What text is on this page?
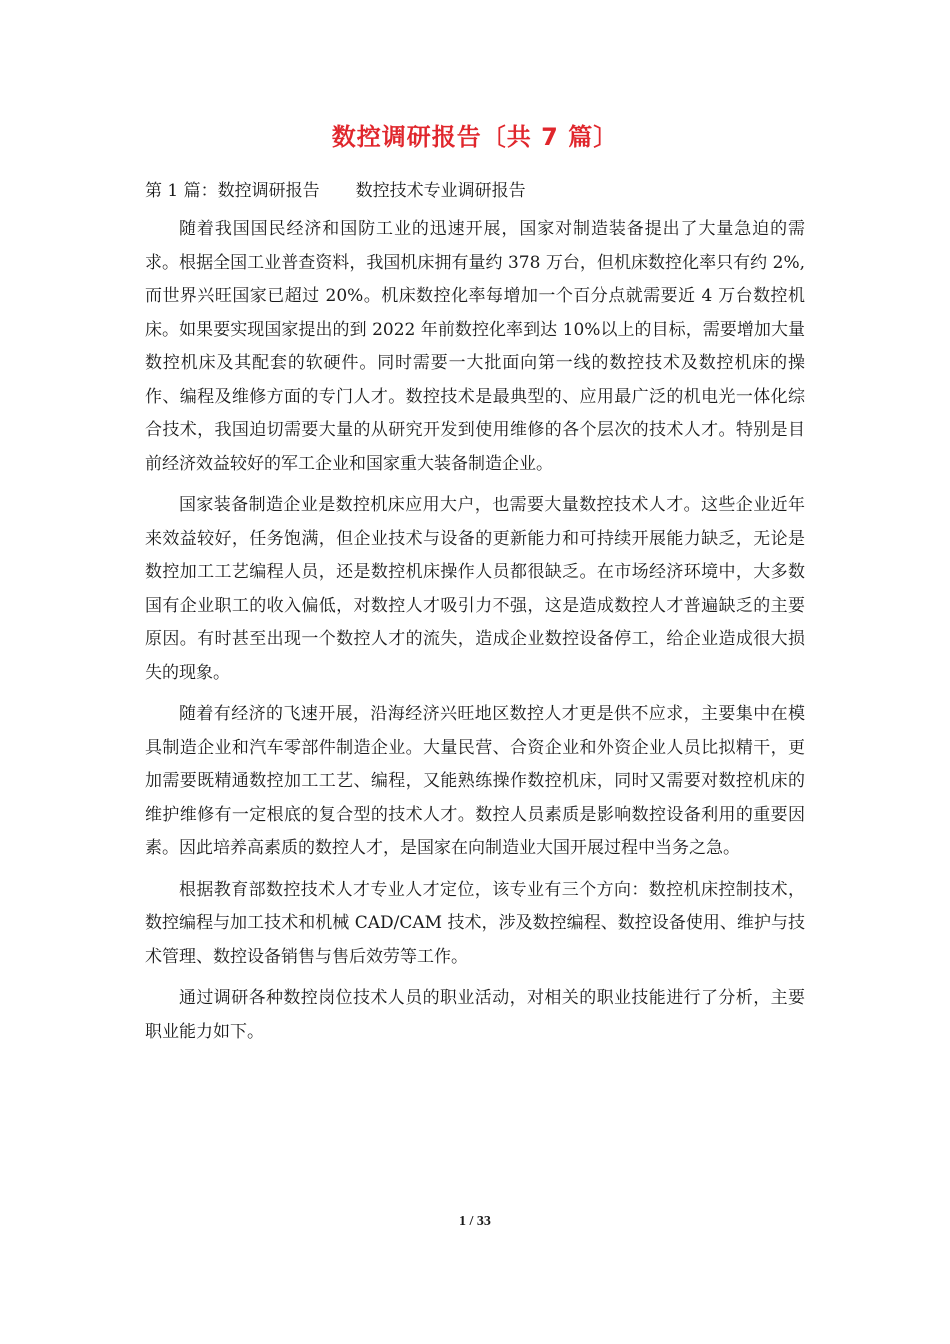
数控调研报告〔共 7 篇〕
第 1 篇：数控调研报告 数控技术专业调研报告

随着我国国民经济和国防工业的迅速开展，国家对制造装备提出了大量急迫的需求。根据全国工业普查资料，我国机床拥有量约 378 万台，但机床数控化率只有约 2%,而世界兴旺国家已超过 20%。机床数控化率每增加一个百分点就需要近 4 万台数控机床。如果要实现国家提出的到 2022 年前数控化率到达 10%以上的目标，需要增加大量数控机床及其配套的软硬件。同时需要一大批面向第一线的数控技术及数控机床的操作、编程及维修方面的专门人才。数控技术是最典型的、应用最广泛的机电光一体化综合技术，我国迫切需要大量的从研究开发到使用维修的各个层次的技术人才。特别是目前经济效益较好的军工企业和国家重大装备制造企业。

国家装备制造企业是数控机床应用大户，也需要大量数控技术人才。这些企业近年来效益较好，任务饱满，但企业技术与设备的更新能力和可持续开展能力缺乏，无论是数控加工工艺编程人员，还是数控机床操作人员都很缺乏。在市场经济环境中，大多数国有企业职工的收入偏低，对数控人才吸引力不强，这是造成数控人才普遍缺乏的主要原因。有时甚至出现一个数控人才的流失，造成企业数控设备停工，给企业造成很大损失的现象。

随着有经济的飞速开展，沿海经济兴旺地区数控人才更是供不应求，主要集中在模具制造企业和汽车零部件制造企业。大量民营、合资企业和外资企业人员比拟精干，更加需要既精通数控加工工艺、编程，又能熟练操作数控机床，同时又需要对数控机床的维护维修有一定根底的复合型的技术人才。数控人员素质是影响数控设备利用的重要因素。因此培养高素质的数控人才，是国家在向制造业大国开展过程中当务之急。

根据教育部数控技术人才专业人才定位，该专业有三个方向：数控机床控制技术，数控编程与加工技术和机械 CAD/CAM 技术，涉及数控编程、数控设备使用、维护与技术管理、数控设备销售与售后效劳等工作。

通过调研各种数控岗位技术人员的职业活动，对相关的职业技能进行了分析，主要职业能力如下。

1 / 33
